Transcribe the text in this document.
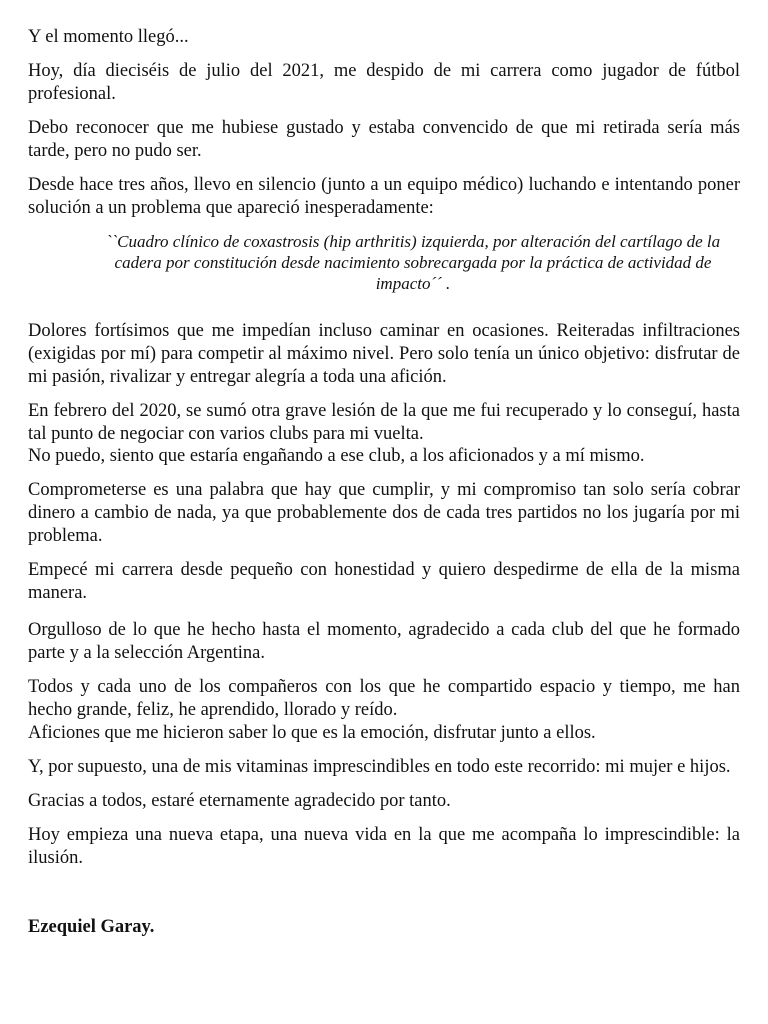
Y el momento llegó...

Hoy, día dieciséis de julio del 2021, me despido de mi carrera como jugador de fútbol profesional.

Debo reconocer que me hubiese gustado y estaba convencido de que mi retirada sería más tarde, pero no pudo ser.

Desde hace tres años, llevo en silencio (junto a un equipo médico) luchando e intentando poner solución a un problema que apareció inesperadamente:

``Cuadro clínico de coxastrosis (hip arthritis) izquierda, por alteración del cartílago de la cadera por constitución desde nacimiento sobrecargada por la práctica de actividad de impacto´´ .

Dolores fortísimos que me impedían incluso caminar en ocasiones. Reiteradas infiltraciones (exigidas por mí) para competir al máximo nivel. Pero solo tenía un único objetivo: disfrutar de mi pasión, rivalizar y entregar alegría a toda una afición.

En febrero del 2020, se sumó otra grave lesión de la que me fui recuperado y lo conseguí, hasta tal punto de negociar con varios clubs para mi vuelta.
No puedo, siento que estaría engañando a ese club, a los aficionados y a mí mismo.

Comprometerse es una palabra que hay que cumplir, y mi compromiso tan solo sería cobrar dinero a cambio de nada, ya que probablemente dos de cada tres partidos no los jugaría por mi problema.

Empecé mi carrera desde pequeño con honestidad y quiero despedirme de ella de la misma manera.

Orgulloso de lo que he hecho hasta el momento, agradecido a cada club del que he formado parte y a la selección Argentina.

Todos y cada uno de los compañeros con los que he compartido espacio y tiempo, me han hecho grande, feliz, he aprendido, llorado y reído.
Aficiones que me hicieron saber lo que es la emoción, disfrutar junto a ellos.

Y, por supuesto, una de mis vitaminas imprescindibles en todo este recorrido: mi mujer e hijos.

Gracias a todos, estaré eternamente agradecido por tanto.

Hoy empieza una nueva etapa, una nueva vida en la que me acompaña lo imprescindible: la ilusión.

Ezequiel Garay.
